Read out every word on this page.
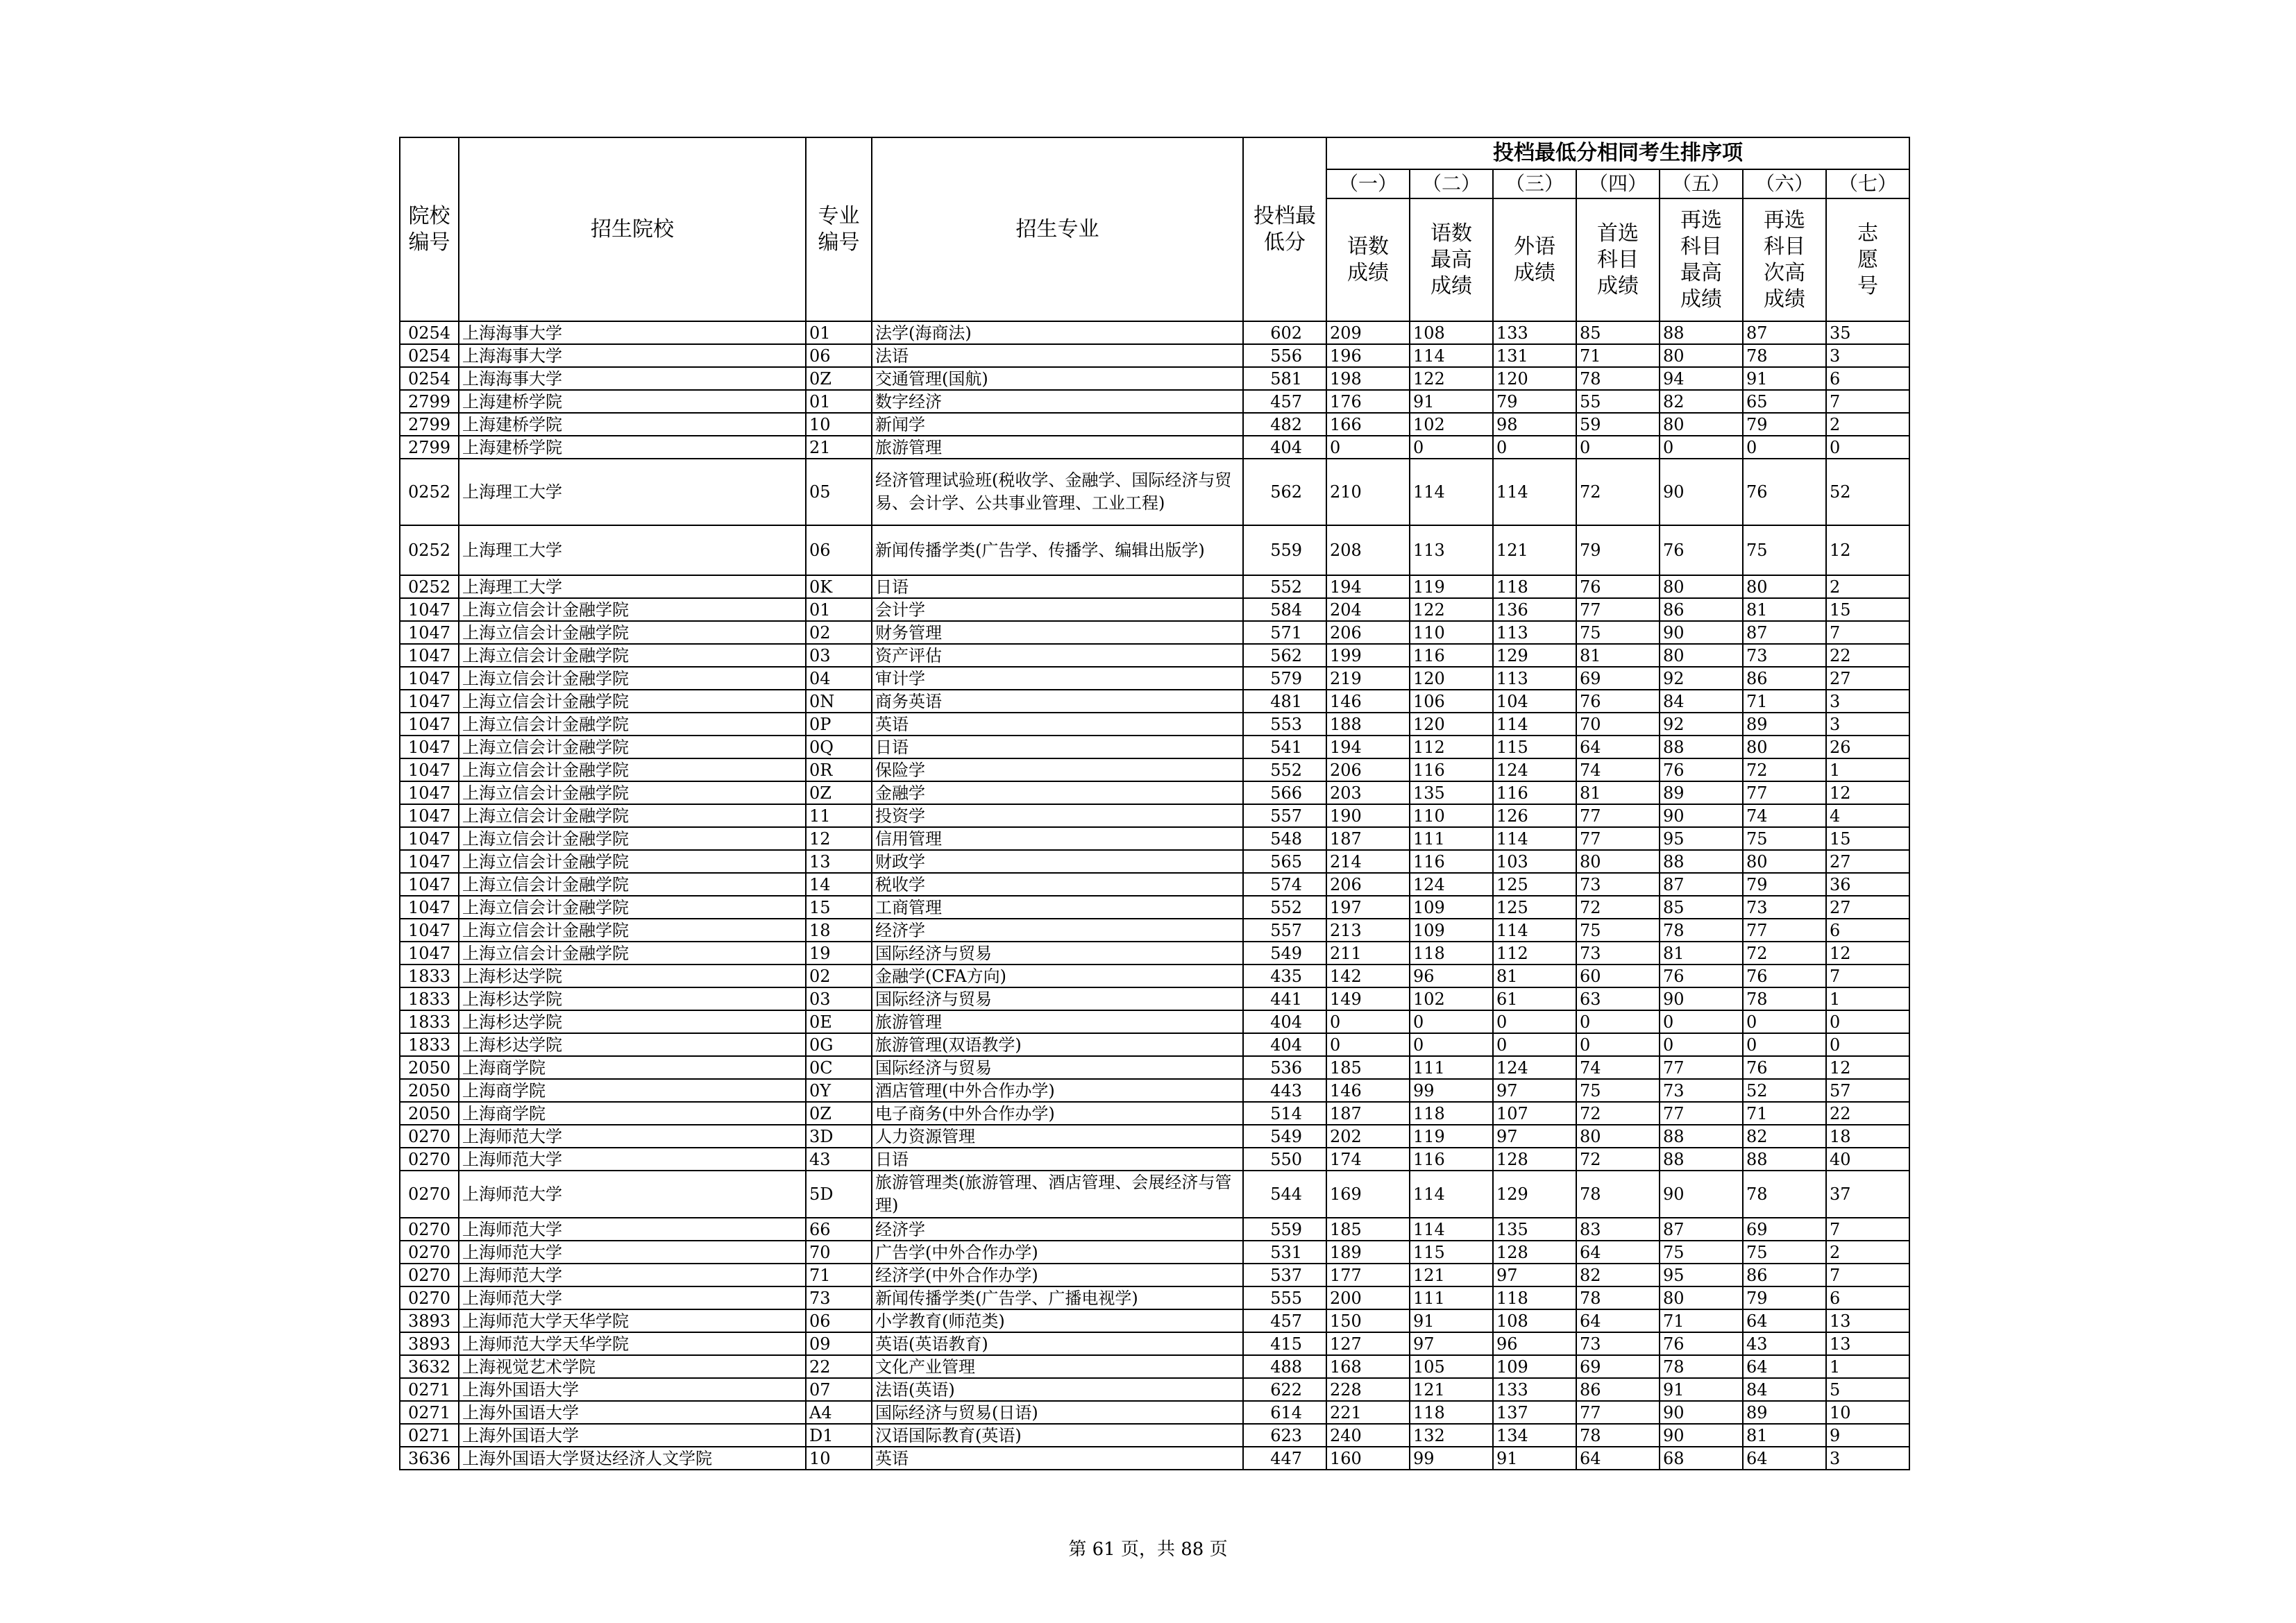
院校编号	招生院校	专业编号	招生专业	投档最低分	投档最低分相同考生排序项						
					（一）	（二）	（三）	（四）	（五）	（六）	（七）
					语数成绩	语数最高成绩	外语成绩	首选科目成绩	再选科目最高成绩	再选科目次高成绩	志愿号
0254	上海海事大学	01	法学(海商法)	602	209	108	133	85	88	87	35
0254	上海海事大学	06	法语	556	196	114	131	71	80	78	3
0254	上海海事大学	0Z	交通管理(国航)	581	198	122	120	78	94	91	6
2799	上海建桥学院	01	数字经济	457	176	91	79	55	82	65	7
2799	上海建桥学院	10	新闻学	482	166	102	98	59	80	79	2
2799	上海建桥学院	21	旅游管理	404	0	0	0	0	0	0	0
0252	上海理工大学	05	经济管理试验班(税收学、金融学、国际经济与贸易、会计学、公共事业管理、工业工程)	562	210	114	114	72	90	76	52
0252	上海理工大学	06	新闻传播学类(广告学、传播学、编辑出版学)	559	208	113	121	79	76	75	12
0252	上海理工大学	0K	日语	552	194	119	118	76	80	80	2
1047	上海立信会计金融学院	01	会计学	584	204	122	136	77	86	81	15
1047	上海立信会计金融学院	02	财务管理	571	206	110	113	75	90	87	7
1047	上海立信会计金融学院	03	资产评估	562	199	116	129	81	80	73	22
1047	上海立信会计金融学院	04	审计学	579	219	120	113	69	92	86	27
1047	上海立信会计金融学院	0N	商务英语	481	146	106	104	76	84	71	3
1047	上海立信会计金融学院	0P	英语	553	188	120	114	70	92	89	3
1047	上海立信会计金融学院	0Q	日语	541	194	112	115	64	88	80	26
1047	上海立信会计金融学院	0R	保险学	552	206	116	124	74	76	72	1
1047	上海立信会计金融学院	0Z	金融学	566	203	135	116	81	89	77	12
1047	上海立信会计金融学院	11	投资学	557	190	110	126	77	90	74	4
1047	上海立信会计金融学院	12	信用管理	548	187	111	114	77	95	75	15
1047	上海立信会计金融学院	13	财政学	565	214	116	103	80	88	80	27
1047	上海立信会计金融学院	14	税收学	574	206	124	125	73	87	79	36
1047	上海立信会计金融学院	15	工商管理	552	197	109	125	72	85	73	27
1047	上海立信会计金融学院	18	经济学	557	213	109	114	75	78	77	6
1047	上海立信会计金融学院	19	国际经济与贸易	549	211	118	112	73	81	72	12
1833	上海杉达学院	02	金融学(CFA方向)	435	142	96	81	60	76	76	7
1833	上海杉达学院	03	国际经济与贸易	441	149	102	61	63	90	78	1
1833	上海杉达学院	0E	旅游管理	404	0	0	0	0	0	0	0
1833	上海杉达学院	0G	旅游管理(双语教学)	404	0	0	0	0	0	0	0
2050	上海商学院	0C	国际经济与贸易	536	185	111	124	74	77	76	12
2050	上海商学院	0Y	酒店管理(中外合作办学)	443	146	99	97	75	73	52	57
2050	上海商学院	0Z	电子商务(中外合作办学)	514	187	118	107	72	77	71	22
0270	上海师范大学	3D	人力资源管理	549	202	119	97	80	88	82	18
0270	上海师范大学	43	日语	550	174	116	128	72	88	88	40
0270	上海师范大学	5D	旅游管理类(旅游管理、酒店管理、会展经济与管理)	544	169	114	129	78	90	78	37
0270	上海师范大学	66	经济学	559	185	114	135	83	87	69	7
0270	上海师范大学	70	广告学(中外合作办学)	531	189	115	128	64	75	75	2
0270	上海师范大学	71	经济学(中外合作办学)	537	177	121	97	82	95	86	7
0270	上海师范大学	73	新闻传播学类(广告学、广播电视学)	555	200	111	118	78	80	79	6
3893	上海师范大学天华学院	06	小学教育(师范类)	457	150	91	108	64	71	64	13
3893	上海师范大学天华学院	09	英语(英语教育)	415	127	97	96	73	76	43	13
3632	上海视觉艺术学院	22	文化产业管理	488	168	105	109	69	78	64	1
0271	上海外国语大学	07	法语(英语)	622	228	121	133	86	91	84	5
0271	上海外国语大学	A4	国际经济与贸易(日语)	614	221	118	137	77	90	89	10
0271	上海外国语大学	D1	汉语国际教育(英语)	623	240	132	134	78	90	81	9
3636	上海外国语大学贤达经济人文学院	10	英语	447	160	99	91	64	68	64	3
第 61 页，共 88 页
